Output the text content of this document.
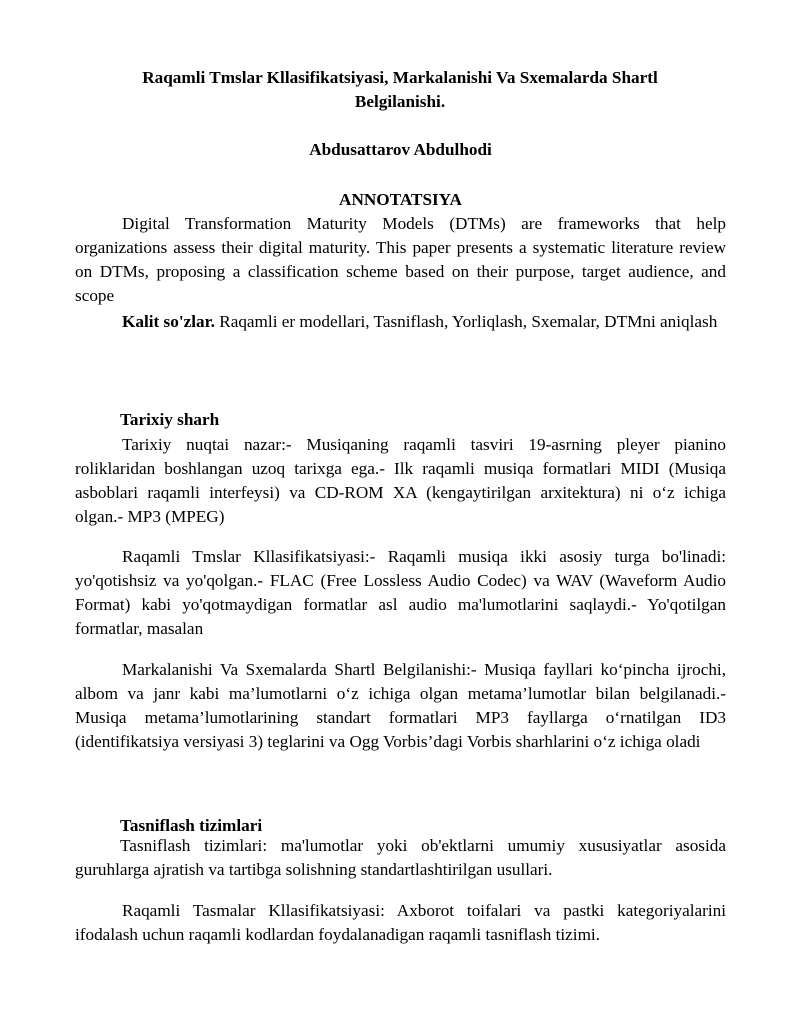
Raqamli Tmslar Kllasifikatsiyasi, Markalanishi Va Sxemalarda Shartl Belgilanishi.

Abdusattarov Abdulhodi

ANNOTATSIYA

Digital Transformation Maturity Models (DTMs) are frameworks that help organizations assess their digital maturity. This paper presents a systematic literature review on DTMs, proposing a classification scheme based on their purpose, target audience, and scope

Kalit so'zlar. Raqamli er modellari, Tasniflash, Yorliqlash, Sxemalar, DTMni aniqlash

Tarixiy sharh

Tarixiy nuqtai nazar:- Musiqaning raqamli tasviri 19-asrning pleyer pianino roliklaridan boshlangan uzoq tarixga ega.- Ilk raqamli musiqa formatlari MIDI (Musiqa asboblari raqamli interfeysi) va CD-ROM XA (kengaytirilgan arxitektura) ni o‘z ichiga olgan.- MP3 (MPEG)

Raqamli Tmslar Kllasifikatsiyasi:- Raqamli musiqa ikki asosiy turga bo'linadi: yo'qotishsiz va yo'qolgan.- FLAC (Free Lossless Audio Codec) va WAV (Waveform Audio Format) kabi yo'qotmaydigan formatlar asl audio ma'lumotlarini saqlaydi.- Yo'qotilgan formatlar, masalan

Markalanishi Va Sxemalarda Shartl Belgilanishi:- Musiqa fayllari ko‘pincha ijrochi, albom va janr kabi ma’lumotlarni o‘z ichiga olgan metama’lumotlar bilan belgilanadi.- Musiqa metama’lumotlarining standart formatlari MP3 fayllarga o‘rnatilgan ID3 (identifikatsiya versiyasi 3) teglarini va Ogg Vorbis’dagi Vorbis sharhlarini o‘z ichiga oladi

Tasniflash tizimlari

Tasniflash tizimlari: ma'lumotlar yoki ob'ektlarni umumiy xususiyatlar asosida guruhlarga ajratish va tartibga solishning standartlashtirilgan usullari.

Raqamli Tasmalar Kllasifikatsiyasi: Axborot toifalari va pastki kategoriyalarini ifodalash uchun raqamli kodlardan foydalanadigan raqamli tasniflash tizimi.
